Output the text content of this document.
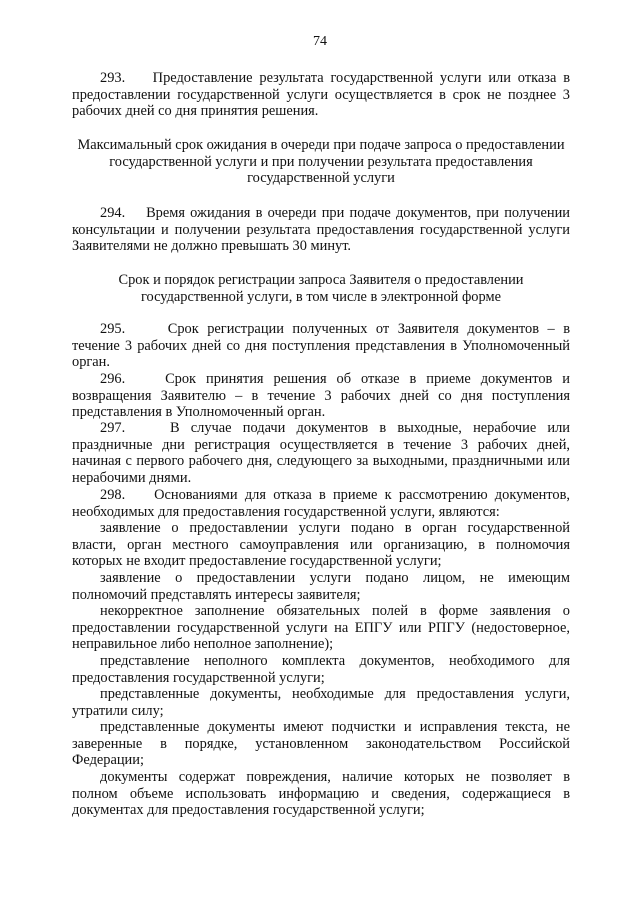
74
293. Предоставление результата государственной услуги или отказа в
предоставлении государственной услуги осуществляется в срок не позднее 3
рабочих дней со дня принятия решения.
Максимальный срок ожидания в очереди при подаче запроса о предоставлении
государственной услуги и при получении результата предоставления
государственной услуги
294. Время ожидания в очереди при подаче документов, при получении
консультации и получении результата предоставления государственной услуги
Заявителями не должно превышать 30 минут.
Срок и порядок регистрации запроса Заявителя о предоставлении
государственной услуги, в том числе в электронной форме
295.	Срок регистрации полученных от Заявителя документов – в
течение 3 рабочих дней со дня поступления представления в Уполномоченный
орган.
296.	Срок принятия решения об отказе в приеме документов и
возвращения Заявителю – в течение 3 рабочих дней со дня поступления
представления в Уполномоченный орган.
297.	В случае подачи документов в выходные, нерабочие или
праздничные дни регистрация осуществляется в течение 3 рабочих дней,
начиная с первого рабочего дня, следующего за выходными, праздничными или
нерабочими днями.
298. Основаниями для отказа в приеме к рассмотрению документов,
необходимых для предоставления государственной услуги, являются:
заявление о предоставлении услуги подано в орган государственной
власти, орган местного самоуправления или организацию, в полномочия
которых не входит предоставление государственной услуги;
заявление о предоставлении услуги подано лицом, не имеющим
полномочий представлять интересы заявителя;
некорректное заполнение обязательных полей в форме заявления о
предоставлении государственной услуги на ЕПГУ или РПГУ (недостоверное,
неправильное либо неполное заполнение);
представление неполного комплекта документов, необходимого для
предоставления государственной услуги;
представленные документы, необходимые для предоставления услуги,
утратили силу;
представленные документы имеют подчистки и исправления текста, не
заверенные в порядке, установленном законодательством Российской
Федерации;
документы содержат повреждения, наличие которых не позволяет в
полном объеме использовать информацию и сведения, содержащиеся в
документах для предоставления государственной услуги;
